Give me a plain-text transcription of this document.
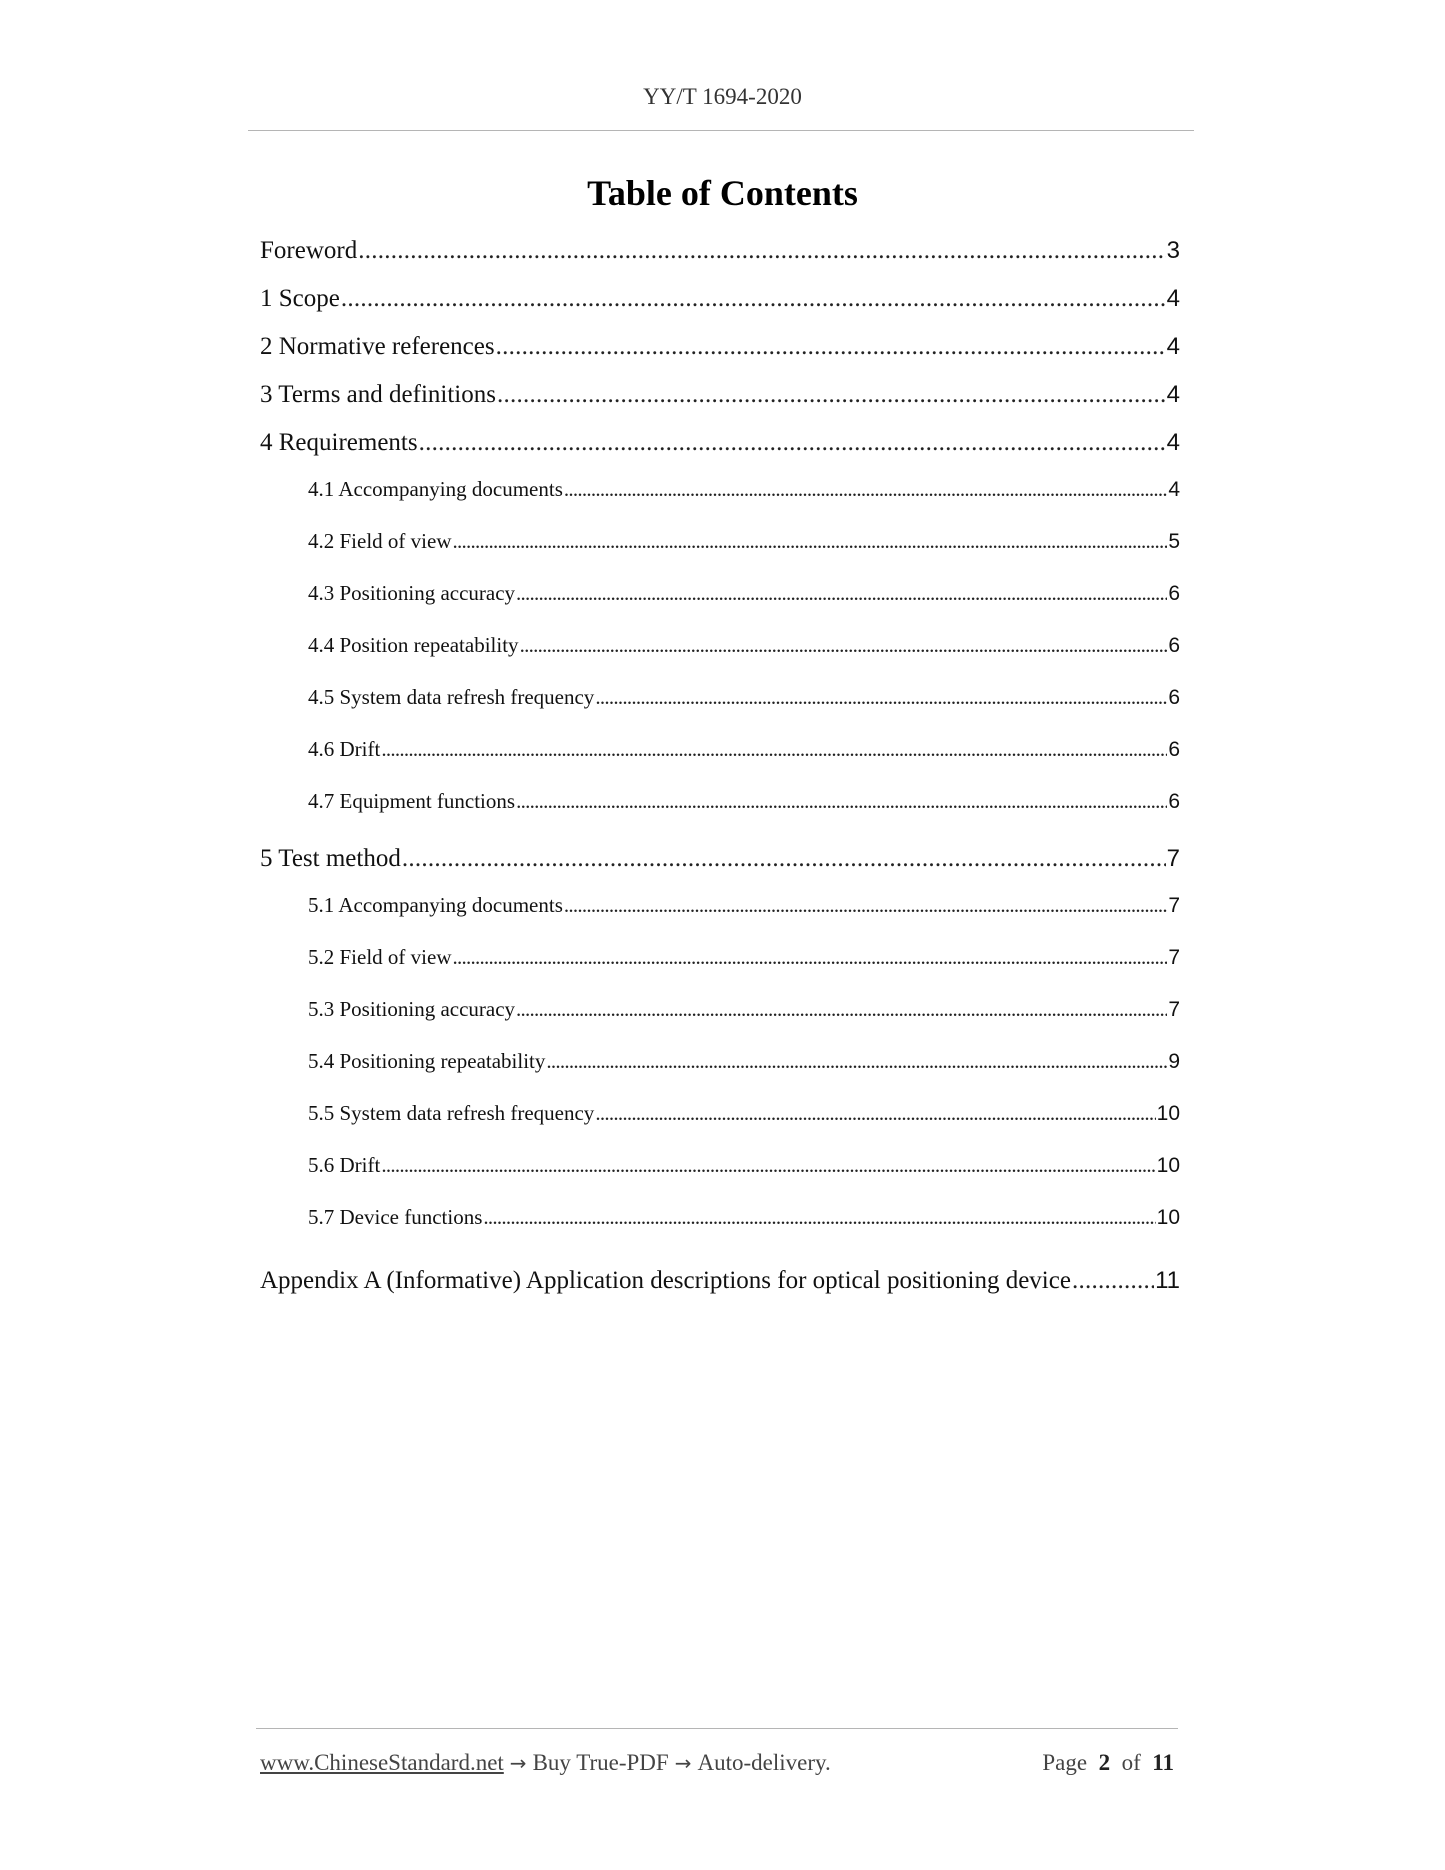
YY/T 1694-2020
Table of Contents
Foreword . . .	3
1 Scope . . .	4
2 Normative references . . .	4
3 Terms and definitions . . .	4
4 Requirements . . .	4
4.1 Accompanying documents . . .	4
4.2 Field of view . . .	5
4.3 Positioning accuracy . . .	6
4.4 Position repeatability . . .	6
4.5 System data refresh frequency . . .	6
4.6 Drift . . .	6
4.7 Equipment functions . . .	6
5 Test method . . .	7
5.1 Accompanying documents . . .	7
5.2 Field of view . . .	7
5.3 Positioning accuracy . . .	7
5.4 Positioning repeatability . . .	9
5.5 System data refresh frequency . . .	10
5.6 Drift . . .	10
5.7 Device functions . . .	10
Appendix A (Informative) Application descriptions for optical positioning device . . .	11
www.ChineseStandard.net → Buy True-PDF → Auto-delivery.	Page 2 of 11
